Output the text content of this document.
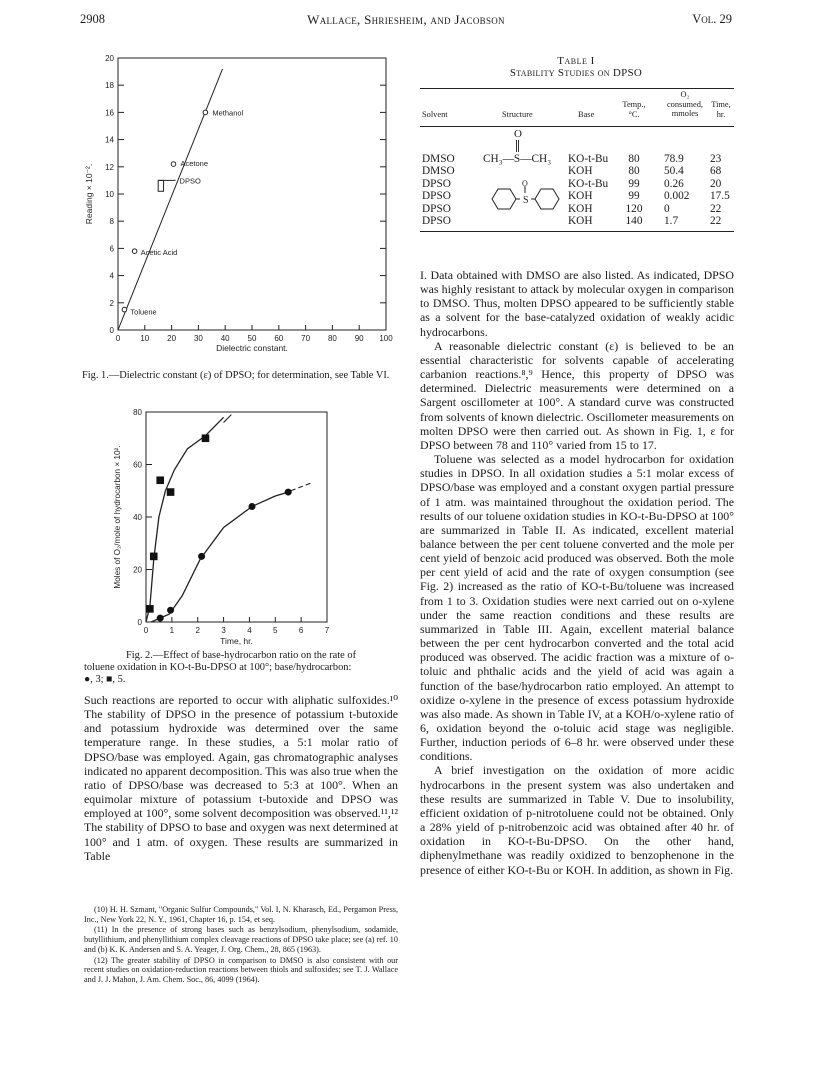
2908	Wallace, Shriesheim, and Jacobson	Vol. 29
0	10 20 30 40 50 60 70 80 90 100
0
2
4
6
8
10
12
14
16
18
20
Dielectric constant.
Reading × 10⁻².
Toluene
Acetic Acid
Acetone
Methanol
DPSO
Fig. 1.—Dielectric constant (ε) of DPSO; for determination, see Table VI.
0	1	2	3	4	5	6	7
0
20
40
60
80
Time, hr.
Moles of O₂/mole of hydrocarbon × 10².
Fig. 2.—Effect of base-hydrocarbon ratio on the rate of
toluene oxidation in KO-t-Bu-DPSO at 100°; base/hydrocarbon:
●, 3; ■, 5.

Such reactions are reported to occur with aliphatic sulfoxides.¹⁰ The stability of DPSO in the presence of potassium t-butoxide and potassium hydroxide was determined over the same temperature range. In these studies, a 5:1 molar ratio of DPSO/base was employed. Again, gas chromatographic analyses indicated no apparent decomposition. This was also true when the ratio of DPSO/base was decreased to 5:3 at 100°. When an equimolar mixture of potassium t-butoxide and DPSO was employed at 100°, some solvent decomposition was observed.¹¹,¹² The stability of DPSO to base and oxygen was next determined at 100° and 1 atm. of oxygen. These results are summarized in Table

(10) H. H. Szmant, "Organic Sulfur Compounds," Vol. I, N. Kharasch, Ed., Pergamon Press, Inc., New York 22, N. Y., 1961, Chapter 16, p. 154, et seq.

(11) In the presence of strong bases such as benzylsodium, phenylsodium, sodamide, butyllithium, and phenyllithium complex cleavage reactions of DPSO take place; see (a) ref. 10 and (b) K. K. Andersen and S. A. Yeager, J. Org. Chem., 28, 865 (1963).

(12) The greater stability of DPSO in comparison to DMSO is also consistent with our recent studies on oxidation-reduction reactions between thiols and sulfoxides; see T. J. Wallace and J. J. Mahon, J. Am. Chem. Soc., 86, 4099 (1964).

Table I
Stability Studies on DPSO
Solvent	Structure	Base
Temp., °C.
O₂
consumed,
mmoles
Time, hr.
O
CH₃—S—CH₃
S
O
DMSO	KO-t-Bu	80	78.9	23
DMSO	KOH	80	50.4	68
DPSO	KO-t-Bu	99	0.26	20
DPSO	KOH	99	0.002	17.5
DPSO	KOH	120	0	22
DPSO	KOH	140	1.7	22

I. Data obtained with DMSO are also listed. As indicated, DPSO was highly resistant to attack by molecular oxygen in comparison to DMSO. Thus, molten DPSO appeared to be sufficiently stable as a solvent for the base-catalyzed oxidation of weakly acidic hydrocarbons.

A reasonable dielectric constant (ε) is believed to be an essential characteristic for solvents capable of accelerating carbanion reactions.⁸,⁹ Hence, this property of DPSO was determined. Dielectric measurements were determined on a Sargent oscillometer at 100°. A standard curve was constructed from solvents of known dielectric. Oscillometer measurements on molten DPSO were then carried out. As shown in Fig. 1, ε for DPSO between 78 and 110° varied from 15 to 17.

Toluene was selected as a model hydrocarbon for oxidation studies in DPSO. In all oxidation studies a 5:1 molar excess of DPSO/base was employed and a constant oxygen partial pressure of 1 atm. was maintained throughout the oxidation period. The results of our toluene oxidation studies in KO-t-Bu-DPSO at 100° are summarized in Table II. As indicated, excellent material balance between the per cent toluene converted and the mole per cent yield of benzoic acid produced was observed. Both the mole per cent yield of acid and the rate of oxygen consumption (see Fig. 2) increased as the ratio of KO-t-Bu/toluene was increased from 1 to 3. Oxidation studies were next carried out on o-xylene under the same reaction conditions and these results are summarized in Table III. Again, excellent material balance between the per cent hydrocarbon converted and the total acid produced was observed. The acidic fraction was a mixture of o-toluic and phthalic acids and the yield of acid was again a function of the base/hydrocarbon ratio employed. An attempt to oxidize o-xylene in the presence of excess potassium hydroxide was also made. As shown in Table IV, at a KOH/o-xylene ratio of 6, oxidation beyond the o-toluic acid stage was negligible. Further, induction periods of 6–8 hr. were observed under these conditions.

A brief investigation on the oxidation of more acidic hydrocarbons in the present system was also undertaken and these results are summarized in Table V. Due to insolubility, efficient oxidation of p-nitrotoluene could not be obtained. Only a 28% yield of p-nitrobenzoic acid was obtained after 40 hr. of oxidation in KO-t-Bu-DPSO. On the other hand, diphenylmethane was readily oxidized to benzophenone in the presence of either KO-t-Bu or KOH. In addition, as shown in Fig.
